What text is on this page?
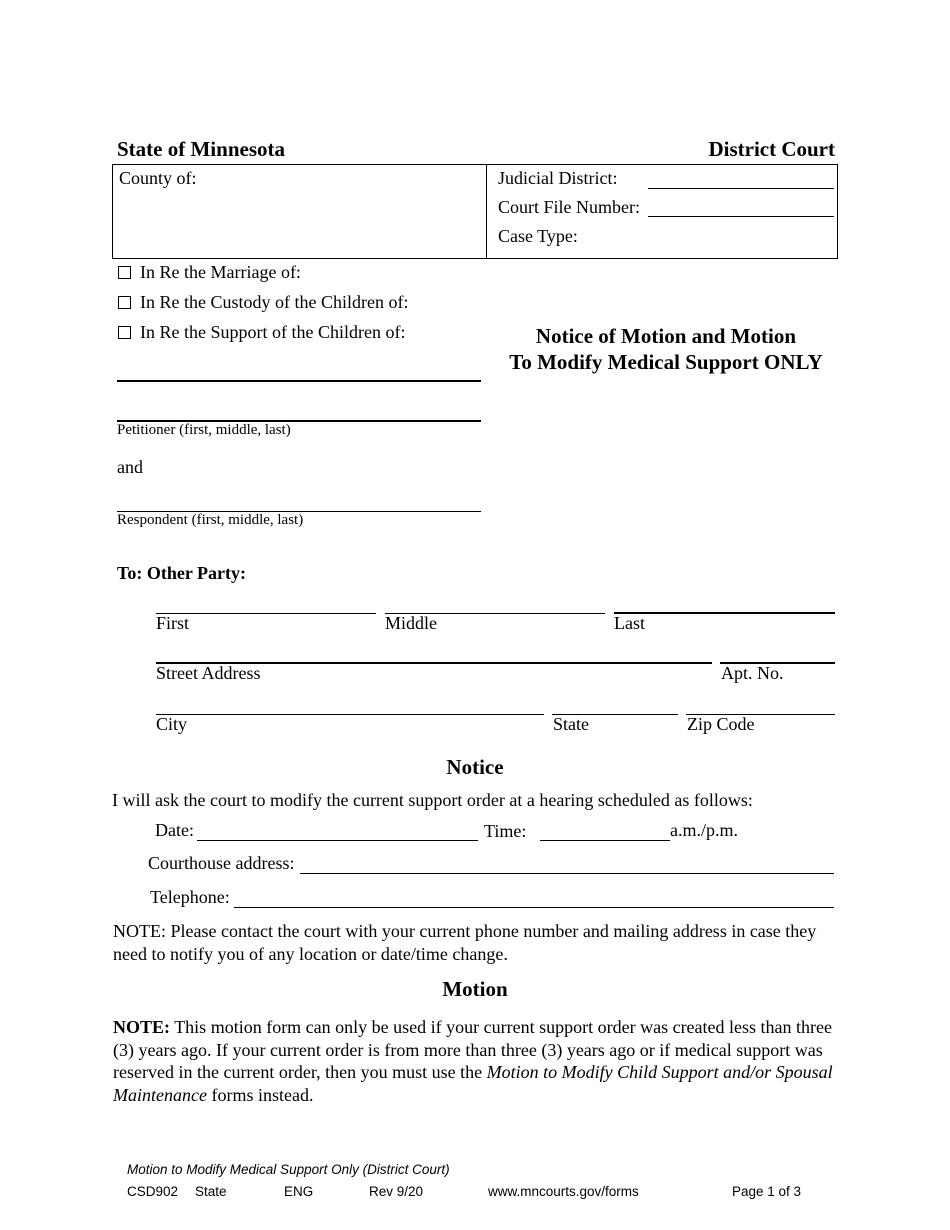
State of Minnesota	District Court
County of:	Judicial District:
Court File Number:
Case Type:
In Re the Marriage of:
In Re the Custody of the Children of:
In Re the Support of the Children of:	Notice of Motion and Motion
To Modify Medical Support ONLY
Petitioner (first, middle, last)
and
Respondent (first, middle, last)
To: Other Party:
First	Middle	Last
Street Address	Apt. No.
City	State	Zip Code
Notice
I will ask the court to modify the current support order at a hearing scheduled as follows:
Date:	Time:	a.m./p.m.
Courthouse address:
Telephone:
NOTE: Please contact the court with your current phone number and mailing address in case they need to notify you of any location or date/time change.
Motion
NOTE: This motion form can only be used if your current support order was created less than three (3) years ago. If your current order is from more than three (3) years ago or if medical support was reserved in the current order, then you must use the Motion to Modify Child Support and/or Spousal Maintenance forms instead.
Motion to Modify Medical Support Only (District Court)
CSD902 State	ENG	Rev 9/20	www.mncourts.gov/forms	Page 1 of 3
